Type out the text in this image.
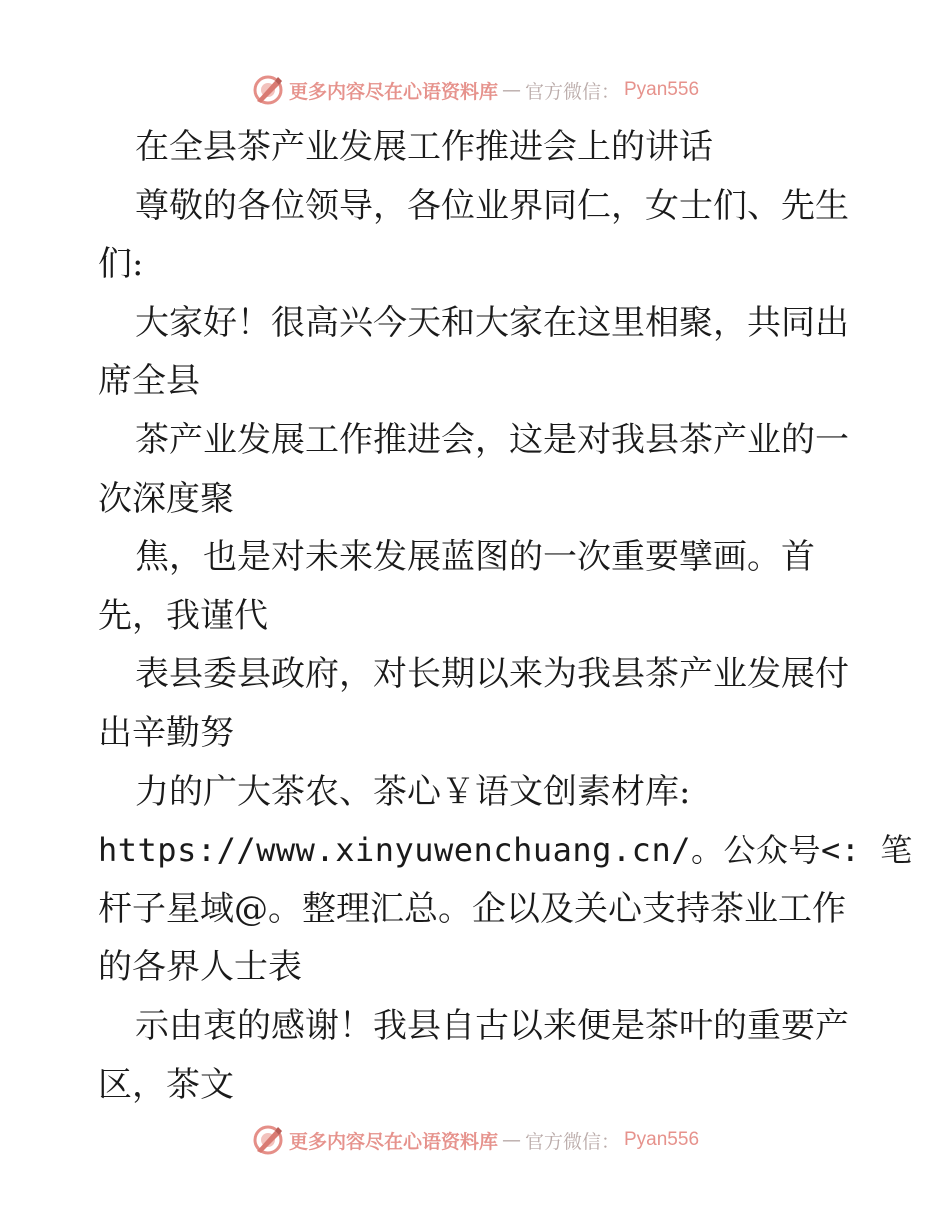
更多内容尽在心语资料库 — 官方微信： Pyan556
在全县茶产业发展工作推进会上的讲话
尊敬的各位领导，各位业界同仁，女士们、先生
们:
大家好！很高兴今天和大家在这里相聚，共同出
席全县
茶产业发展工作推进会，这是对我县茶产业的一
次深度聚
焦，也是对未来发展蓝图的一次重要擘画。首
先，我谨代
表县委县政府，对长期以来为我县茶产业发展付
出辛勤努
力的广大茶农、茶心￥语文创素材库:
https://www.xinyuwenchuang.cn/。公众号<: 笔
杆子星域@。整理汇总。企以及关心支持茶业工作
的各界人士表
示由衷的感谢！我县自古以来便是茶叶的重要产
区，茶文
更多内容尽在心语资料库 — 官方微信： Pyan556
